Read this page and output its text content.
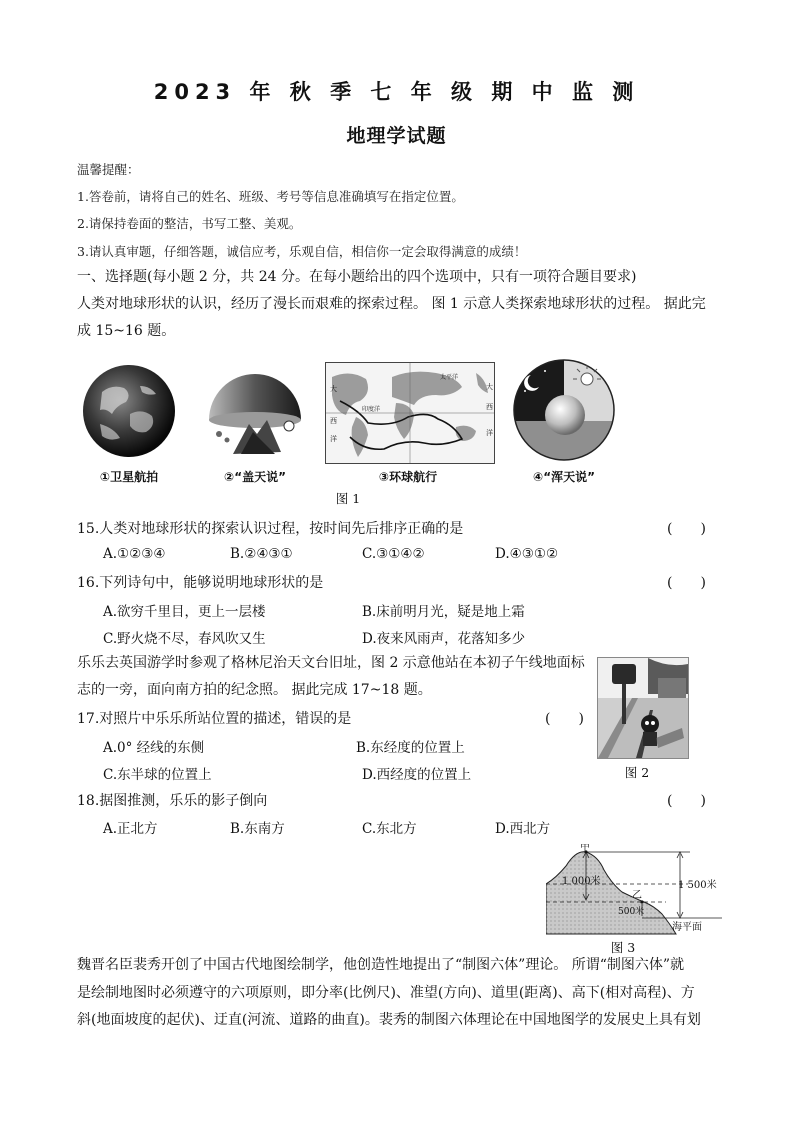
2023 年 秋 季 七 年 级 期 中 监 测
地理学试题
温馨提醒：
1.答卷前，请将自己的姓名、班级、考号等信息准确填写在指定位置。
2.请保持卷面的整洁，书写工整、美观。
3.请认真审题，仔细答题，诚信应考，乐观自信，相信你一定会取得满意的成绩！
一、选择题(每小题 2 分，共 24 分。在每小题给出的四个选项中，只有一项符合题目要求)
人类对地球形状的认识，经历了漫长而艰难的探索过程。 图 1 示意人类探索地球形状的过程。 据此完
成 15~16 题。
大
西
洋
印度洋
太平洋
大
西
洋
①卫星航拍	②“盖天说”	③环球航行	④“浑天说”
图 1
15.人类对地球形状的探索认识过程，按时间先后排序正确的是	(　　)
A.①②③④	B.②④③①	C.③①④②	D.④③①②
16.下列诗句中，能够说明地球形状的是	(　　)
A.欲穷千里目，更上一层楼	B.床前明月光，疑是地上霜
C.野火烧不尽，春风吹又生	D.夜来风雨声，花落知多少
乐乐去英国游学时参观了格林尼治天文台旧址，图 2 示意他站在本初子午线地面标
志的一旁，面向南方拍的纪念照。 据此完成 17~18 题。
图 2
17.对照片中乐乐所站位置的描述，错误的是	(　　)
A.0° 经线的东侧	B.东经度的位置上
C.东半球的位置上	D.西经度的位置上
18.据图推测，乐乐的影子倒向	(　　)
A.正北方	B.东南方	C.东北方	D.西北方
甲
乙
1 000米	1 500米
500米
海平面
图 3
魏晋名臣裴秀开创了中国古代地图绘制学，他创造性地提出了“制图六体”理论。 所谓“制图六体”就
是绘制地图时必须遵守的六项原则，即分率(比例尺)、准望(方向)、道里(距离)、高下(相对高程)、方
斜(地面坡度的起伏)、迂直(河流、道路的曲直)。裴秀的制图六体理论在中国地图学的发展史上具有划
